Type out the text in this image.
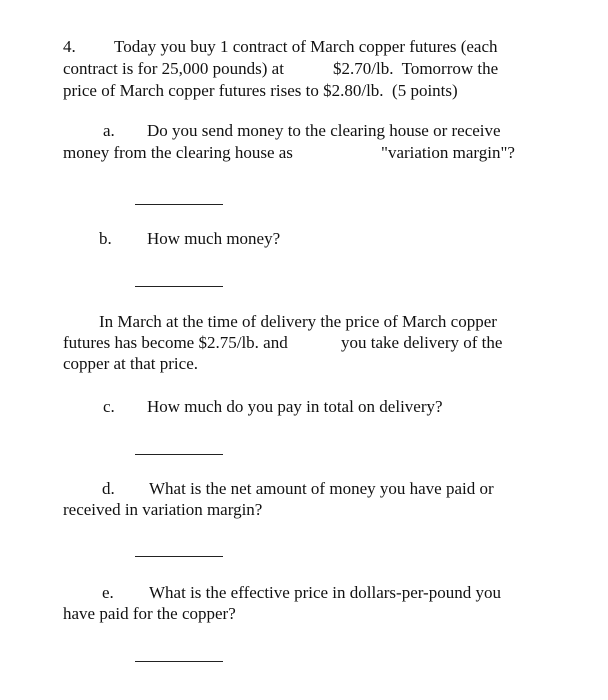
4. Today you buy 1 contract of March copper futures (each
contract is for 25,000 pounds) at	$2.70/lb.  Tomorrow the
price of March copper futures rises to $2.80/lb.  (5 points)
a. Do you send money to the clearing house or receive
money from the clearing house as	"variation margin"?
b. How much money?
In March at the time of delivery the price of March copper
futures has become $2.75/lb. and	you take delivery of the
copper at that price.
c. How much do you pay in total on delivery?
d. What is the net amount of money you have paid or
received in variation margin?
e. What is the effective price in dollars-per-pound you
have paid for the copper?
